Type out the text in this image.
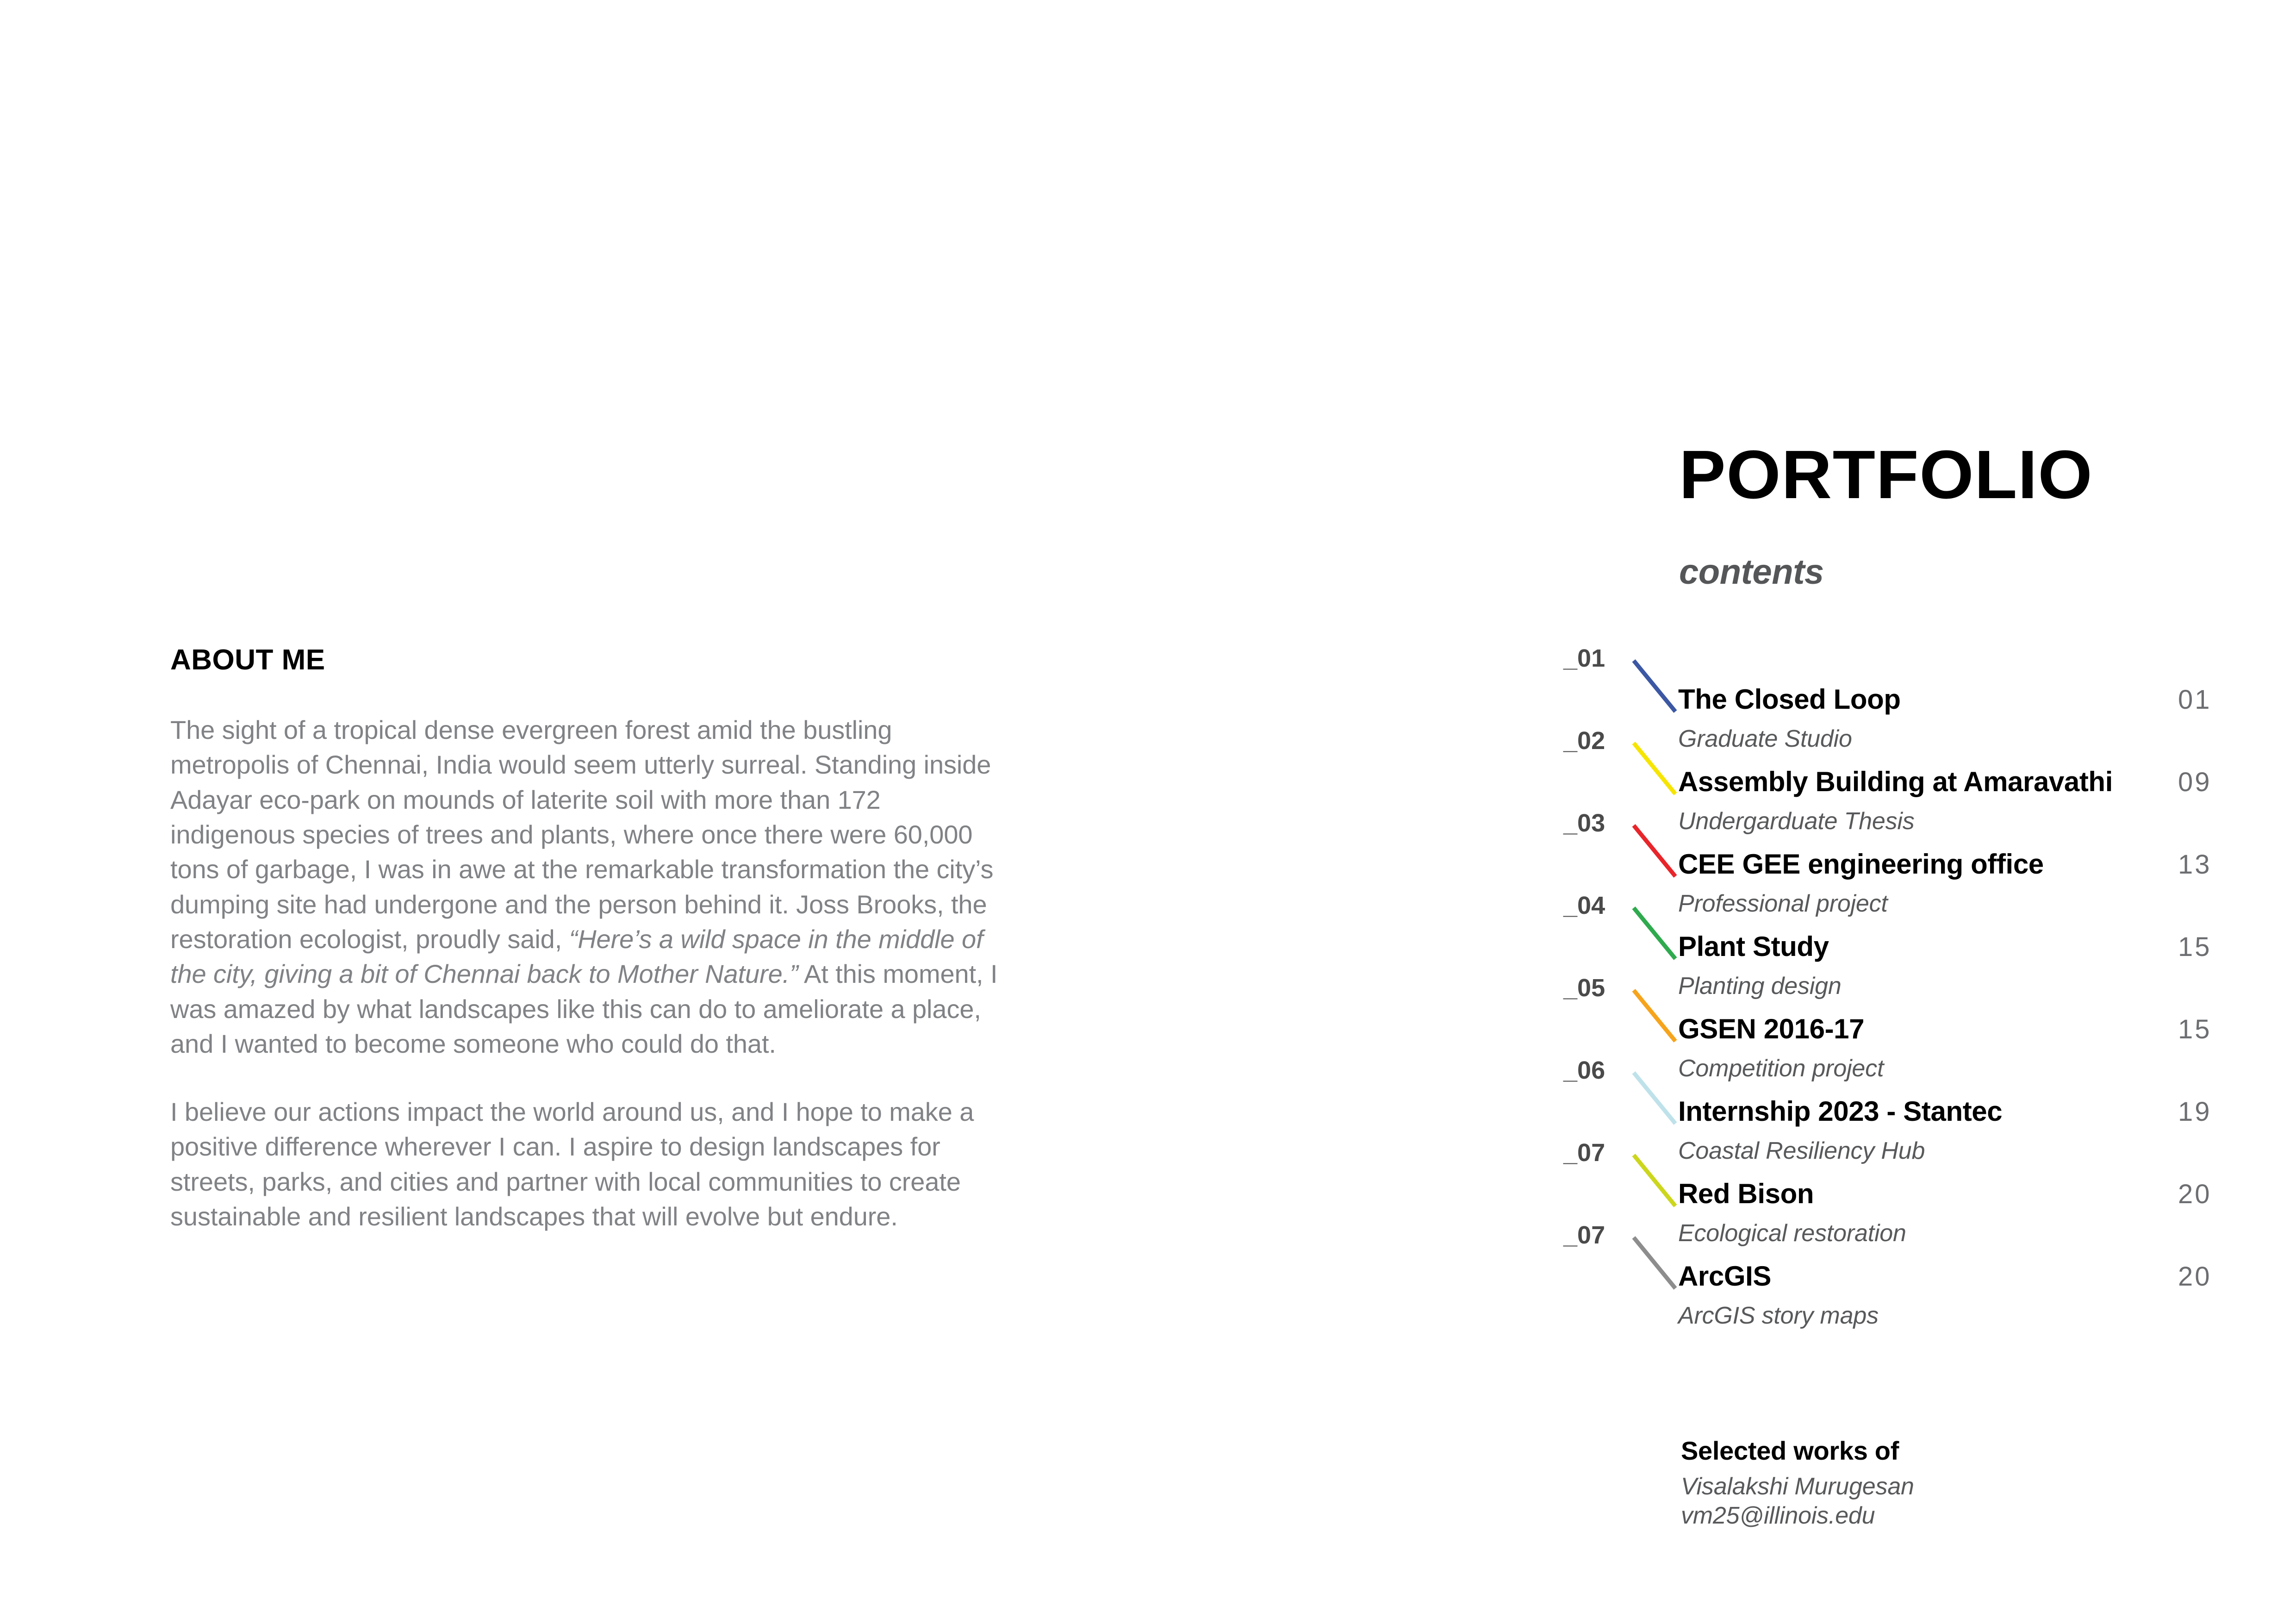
ABOUT ME

The sight of a tropical dense evergreen forest amid the bustling metropolis of Chennai, India would seem utterly surreal. Standing inside Adayar eco-park on mounds of laterite soil with more than 172 indigenous species of trees and plants, where once there were 60,000 tons of garbage, I was in awe at the remarkable transformation the city’s dumping site had undergone and the person behind it. Joss Brooks, the restoration ecologist, proudly said, “Here’s a wild space in the middle of the city, giving a bit of Chennai back to Mother Nature.” At this moment, I was amazed by what landscapes like this can do to ameliorate a place, and I wanted to become someone who could do that.

I believe our actions impact the world around us, and I hope to make a positive difference wherever I can. I aspire to design landscapes for streets, parks, and cities and partner with local communities to create sustainable and resilient landscapes that will evolve but endure.

PORTFOLIO
contents
_01
The Closed Loop
Graduate Studio
01
_02
Assembly Building at Amaravathi
Undergarduate Thesis
09
_03
CEE GEE engineering office
Professional project
13
_04
Plant Study
Planting design
15
_05
GSEN 2016-17
Competition project
15
_06
Internship 2023 - Stantec
Coastal Resiliency Hub
19
_07
Red Bison
Ecological restoration
20
_07
ArcGIS
ArcGIS story maps
20
Selected works of

Visalakshi Murugesan

vm25@illinois.edu
